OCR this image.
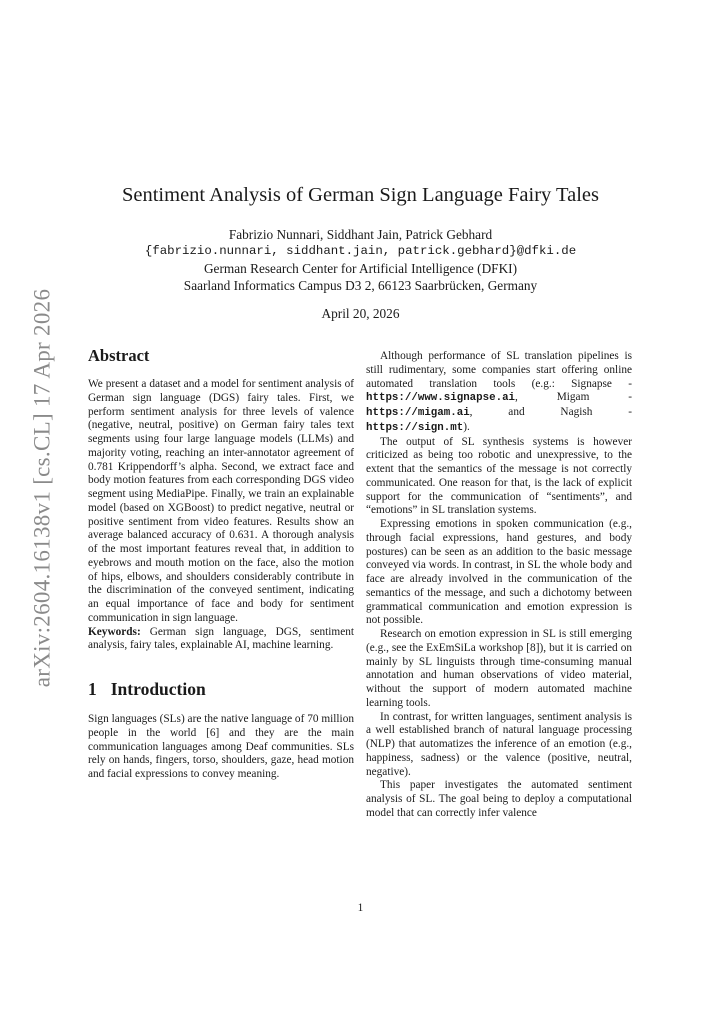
arXiv:2604.16138v1 [cs.CL] 17 Apr 2026
Sentiment Analysis of German Sign Language Fairy Tales
Fabrizio Nunnari, Siddhant Jain, Patrick Gebhard
{fabrizio.nunnari, siddhant.jain, patrick.gebhard}@dfki.de
German Research Center for Artificial Intelligence (DFKI)
Saarland Informatics Campus D3 2, 66123 Saarbrücken, Germany
April 20, 2026
Abstract

We present a dataset and a model for sentiment analysis of German sign language (DGS) fairy tales. First, we perform sentiment analysis for three levels of valence (negative, neutral, positive) on German fairy tales text segments using four large language models (LLMs) and majority voting, reaching an inter-annotator agreement of 0.781 Krippendorff’s alpha. Second, we extract face and body motion features from each corresponding DGS video segment using MediaPipe. Finally, we train an explainable model (based on XGBoost) to predict negative, neutral or positive sentiment from video features. Results show an average balanced accuracy of 0.631. A thorough analysis of the most important features reveal that, in addition to eyebrows and mouth motion on the face, also the motion of hips, elbows, and shoulders considerably contribute in the discrimination of the conveyed sentiment, indicating an equal importance of face and body for sentiment communication in sign language.

Keywords: German sign language, DGS, sentiment analysis, fairy tales, explainable AI, machine learning.

1 Introduction

Sign languages (SLs) are the native language of 70 million people in the world [6] and they are the main communication languages among Deaf communities. SLs rely on hands, fingers, torso, shoulders, gaze, head motion and facial expressions to convey meaning.

Although performance of SL translation pipelines is still rudimentary, some companies start offering online automated translation tools (e.g.: Signapse - https://www.signapse.ai, Migam - https://migam.ai, and Nagish - https://sign.mt).

The output of SL synthesis systems is however criticized as being too robotic and unexpressive, to the extent that the semantics of the message is not correctly communicated. One reason for that, is the lack of explicit support for the communication of “sentiments”, and “emotions” in SL translation systems.

Expressing emotions in spoken communication (e.g., through facial expressions, hand gestures, and body postures) can be seen as an addition to the basic message conveyed via words. In contrast, in SL the whole body and face are already involved in the communication of the semantics of the message, and such a dichotomy between grammatical communication and emotion expression is not possible.

Research on emotion expression in SL is still emerging (e.g., see the ExEmSiLa workshop [8]), but it is carried on mainly by SL linguists through time-consuming manual annotation and human observations of video material, without the support of modern automated machine learning tools.

In contrast, for written languages, sentiment analysis is a well established branch of natural language processing (NLP) that automatizes the inference of an emotion (e.g., happiness, sadness) or the valence (positive, neutral, negative).

This paper investigates the automated sentiment analysis of SL. The goal being to deploy a computational model that can correctly infer valence

1
